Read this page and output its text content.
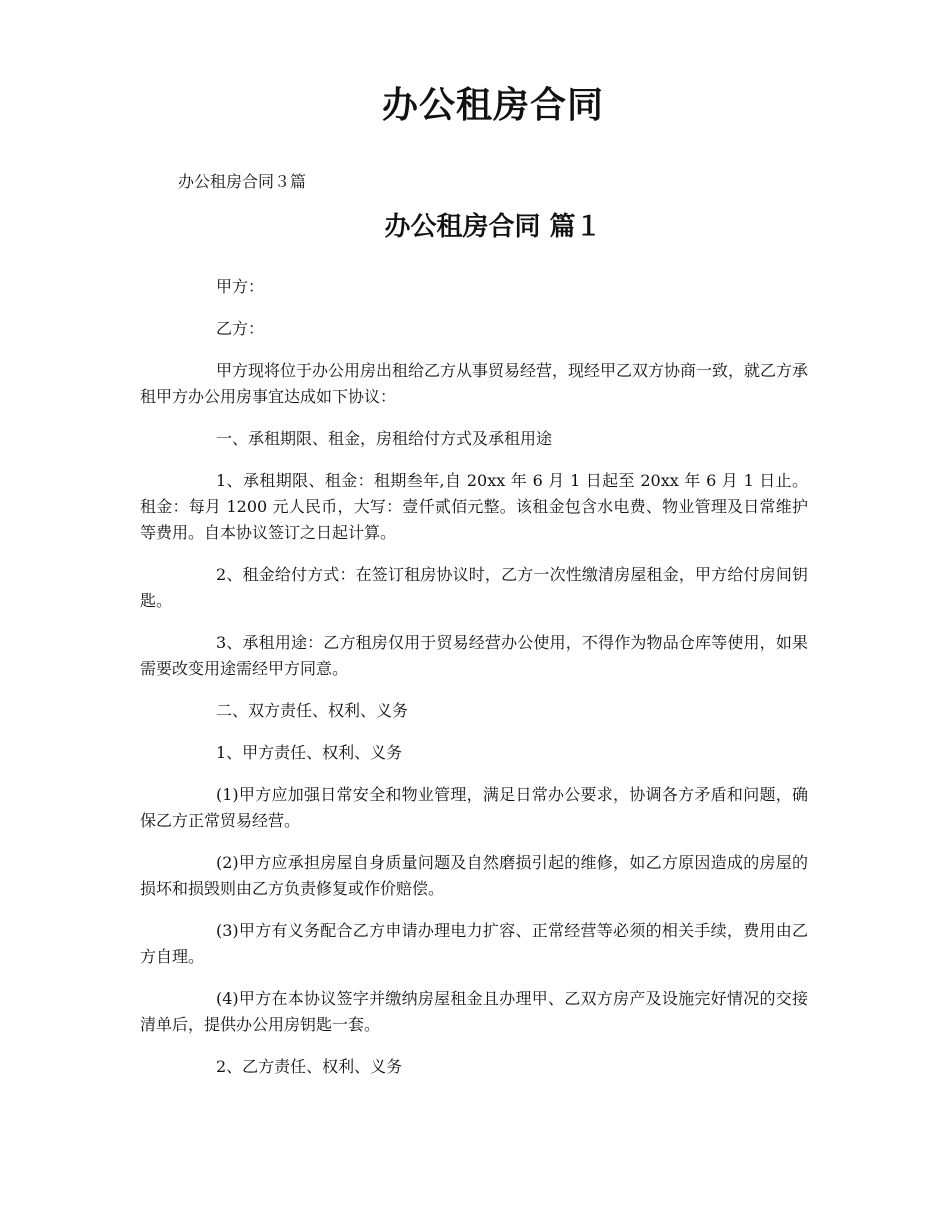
办公租房合同

办公租房合同３篇

办公租房合同 篇１

甲方：

乙方：

甲方现将位于办公用房出租给乙方从事贸易经营，现经甲乙双方协商一致，就乙方承租甲方办公用房事宜达成如下协议：

一、承租期限、租金，房租给付方式及承租用途

1、承租期限、租金：租期叁年,自 20xx 年 6 月 1 日起至 20xx 年 6 月 1 日止。租金：每月 1200 元人民币，大写：壹仟贰佰元整。该租金包含水电费、物业管理及日常维护等费用。自本协议签订之日起计算。

2、租金给付方式：在签订租房协议时，乙方一次性缴清房屋租金，甲方给付房间钥匙。

3、承租用途：乙方租房仅用于贸易经营办公使用，不得作为物品仓库等使用，如果需要改变用途需经甲方同意。

二、双方责任、权利、义务

1、甲方责任、权利、义务

(1)甲方应加强日常安全和物业管理，满足日常办公要求，协调各方矛盾和问题，确保乙方正常贸易经营。

(2)甲方应承担房屋自身质量问题及自然磨损引起的维修，如乙方原因造成的房屋的损坏和损毁则由乙方负责修复或作价赔偿。

(3)甲方有义务配合乙方申请办理电力扩容、正常经营等必须的相关手续，费用由乙方自理。

(4)甲方在本协议签字并缴纳房屋租金且办理甲、乙双方房产及设施完好情况的交接清单后，提供办公用房钥匙一套。

2、乙方责任、权利、义务
